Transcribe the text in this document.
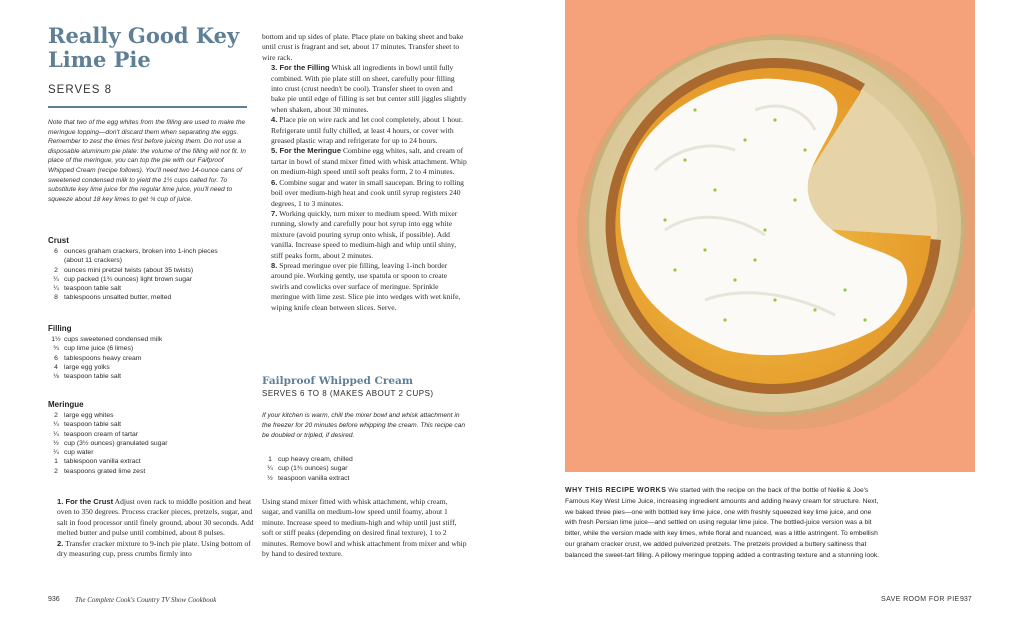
Really Good Key
Lime Pie
SERVES 8
Note that two of the egg whites from the filling are used to make the meringue topping—don't discard them when separating the eggs. Remember to zest the limes first before juicing them. Do not use a disposable aluminum pie plate: the volume of the filling will not fit. In place of the meringue, you can top the pie with our Faifproof Whipped Cream (recipe follows). You'll need two 14-ounce cans of sweetened condensed milk to yield the 1½ cups called for. To substitute key lime juice for the regular lime juice, you'll need to squeeze about 18 key limes to get ¾ cup of juice.
Crust
6 ounces graham crackers, broken into 1-inch pieces
(about 11 crackers)
2 ounces mini pretzel twists (about 35 twists)
¼ cup packed (1¾ ounces) light brown sugar
¼ teaspoon table salt
8 tablespoons unsalted butter, melted
Filling
1½ cups sweetened condensed milk
¾ cup lime juice (6 limes)
6 tablespoons heavy cream
4 large egg yolks
⅛ teaspoon table salt
Meringue
2 large egg whites
¼ teaspoon table salt
¼ teaspoon cream of tartar
½ cup (3½ ounces) granulated sugar
¼ cup water
1 tablespoon vanilla extract
2 teaspoons grated lime zest

1. For the Crust Adjust oven rack to middle position and heat oven to 350 degrees. Process cracker pieces, pretzels, sugar, and salt in food processor until finely ground, about 30 seconds. Add melted butter and pulse until combined, about 8 pulses.

2. Transfer cracker mixture to 9-inch pie plate. Using bottom of dry measuring cup, press crumbs firmly into

bottom and up sides of plate. Place plate on baking sheet and bake until crust is fragrant and set, about 17 minutes. Transfer sheet to wire rack.

3. For the Filling Whisk all ingredients in bowl until fully combined. With pie plate still on sheet, carefully pour filling into crust (crust needn't be cool). Transfer sheet to oven and bake pie until edge of filling is set but center still jiggles slightly when shaken, about 30 minutes.

4. Place pie on wire rack and let cool completely, about 1 hour. Refrigerate until fully chilled, at least 4 hours, or cover with greased plastic wrap and refrigerate for up to 24 hours.

5. For the Meringue Combine egg whites, salt, and cream of tartar in bowl of stand mixer fitted with whisk attachment. Whip on medium-high speed until soft peaks form, 2 to 4 minutes.

6. Combine sugar and water in small saucepan. Bring to rolling boil over medium-high heat and cook until syrup registers 240 degrees, 1 to 3 minutes.

7. Working quickly, turn mixer to medium speed. With mixer running, slowly and carefully pour hot syrup into egg white mixture (avoid pouring syrup onto whisk, if possible). Add vanilla. Increase speed to medium-high and whip until shiny, stiff peaks form, about 2 minutes.

8. Spread meringue over pie filling, leaving 1-inch border around pie. Working gently, use spatula or spoon to create swirls and cowlicks over surface of meringue. Sprinkle meringue with lime zest. Slice pie into wedges with wet knife, wiping knife clean between slices. Serve.

Failproof Whipped Cream
SERVES 6 TO 8 (MAKES ABOUT 2 CUPS)
If your kitchen is warm, chill the mixer bowl and whisk attachment in the freezer for 20 minutes before whipping the cream. This recipe can be doubled or tripled, if desired.
1 cup heavy cream, chilled
¼ cup (1¾ ounces) sugar
½ teaspoon vanilla extract

Using stand mixer fitted with whisk attachment, whip cream, sugar, and vanilla on medium-low speed until foamy, about 1 minute. Increase speed to medium-high and whip until just stiff, soft or stiff peaks (depending on desired final texture), 1 to 2 minutes. Remove bowl and whisk attachment from mixer and whip by hand to desired texture.

WHY THIS RECIPE WORKS We started with the recipe on the back of the bottle of Nellie & Joe's Famous Key West Lime Juice, increasing ingredient amounts and adding heavy cream for structure. Next, we baked three pies—one with bottled key lime juice, one with freshly squeezed key lime juice, and one with fresh Persian lime juice—and settled on using regular lime juice. The bottled-juice version was a bit bitter, while the version made with key limes, while floral and nuanced, was a little astringent. To embellish our graham cracker crust, we added pulverized pretzels. The pretzels provided a buttery saltiness that balanced the sweet-tart filling. A pillowy meringue topping added a contrasting texture and a stunning look.
936 The Complete Cook's Country TV Show Cookbook	SAVE ROOM FOR PIE 937
